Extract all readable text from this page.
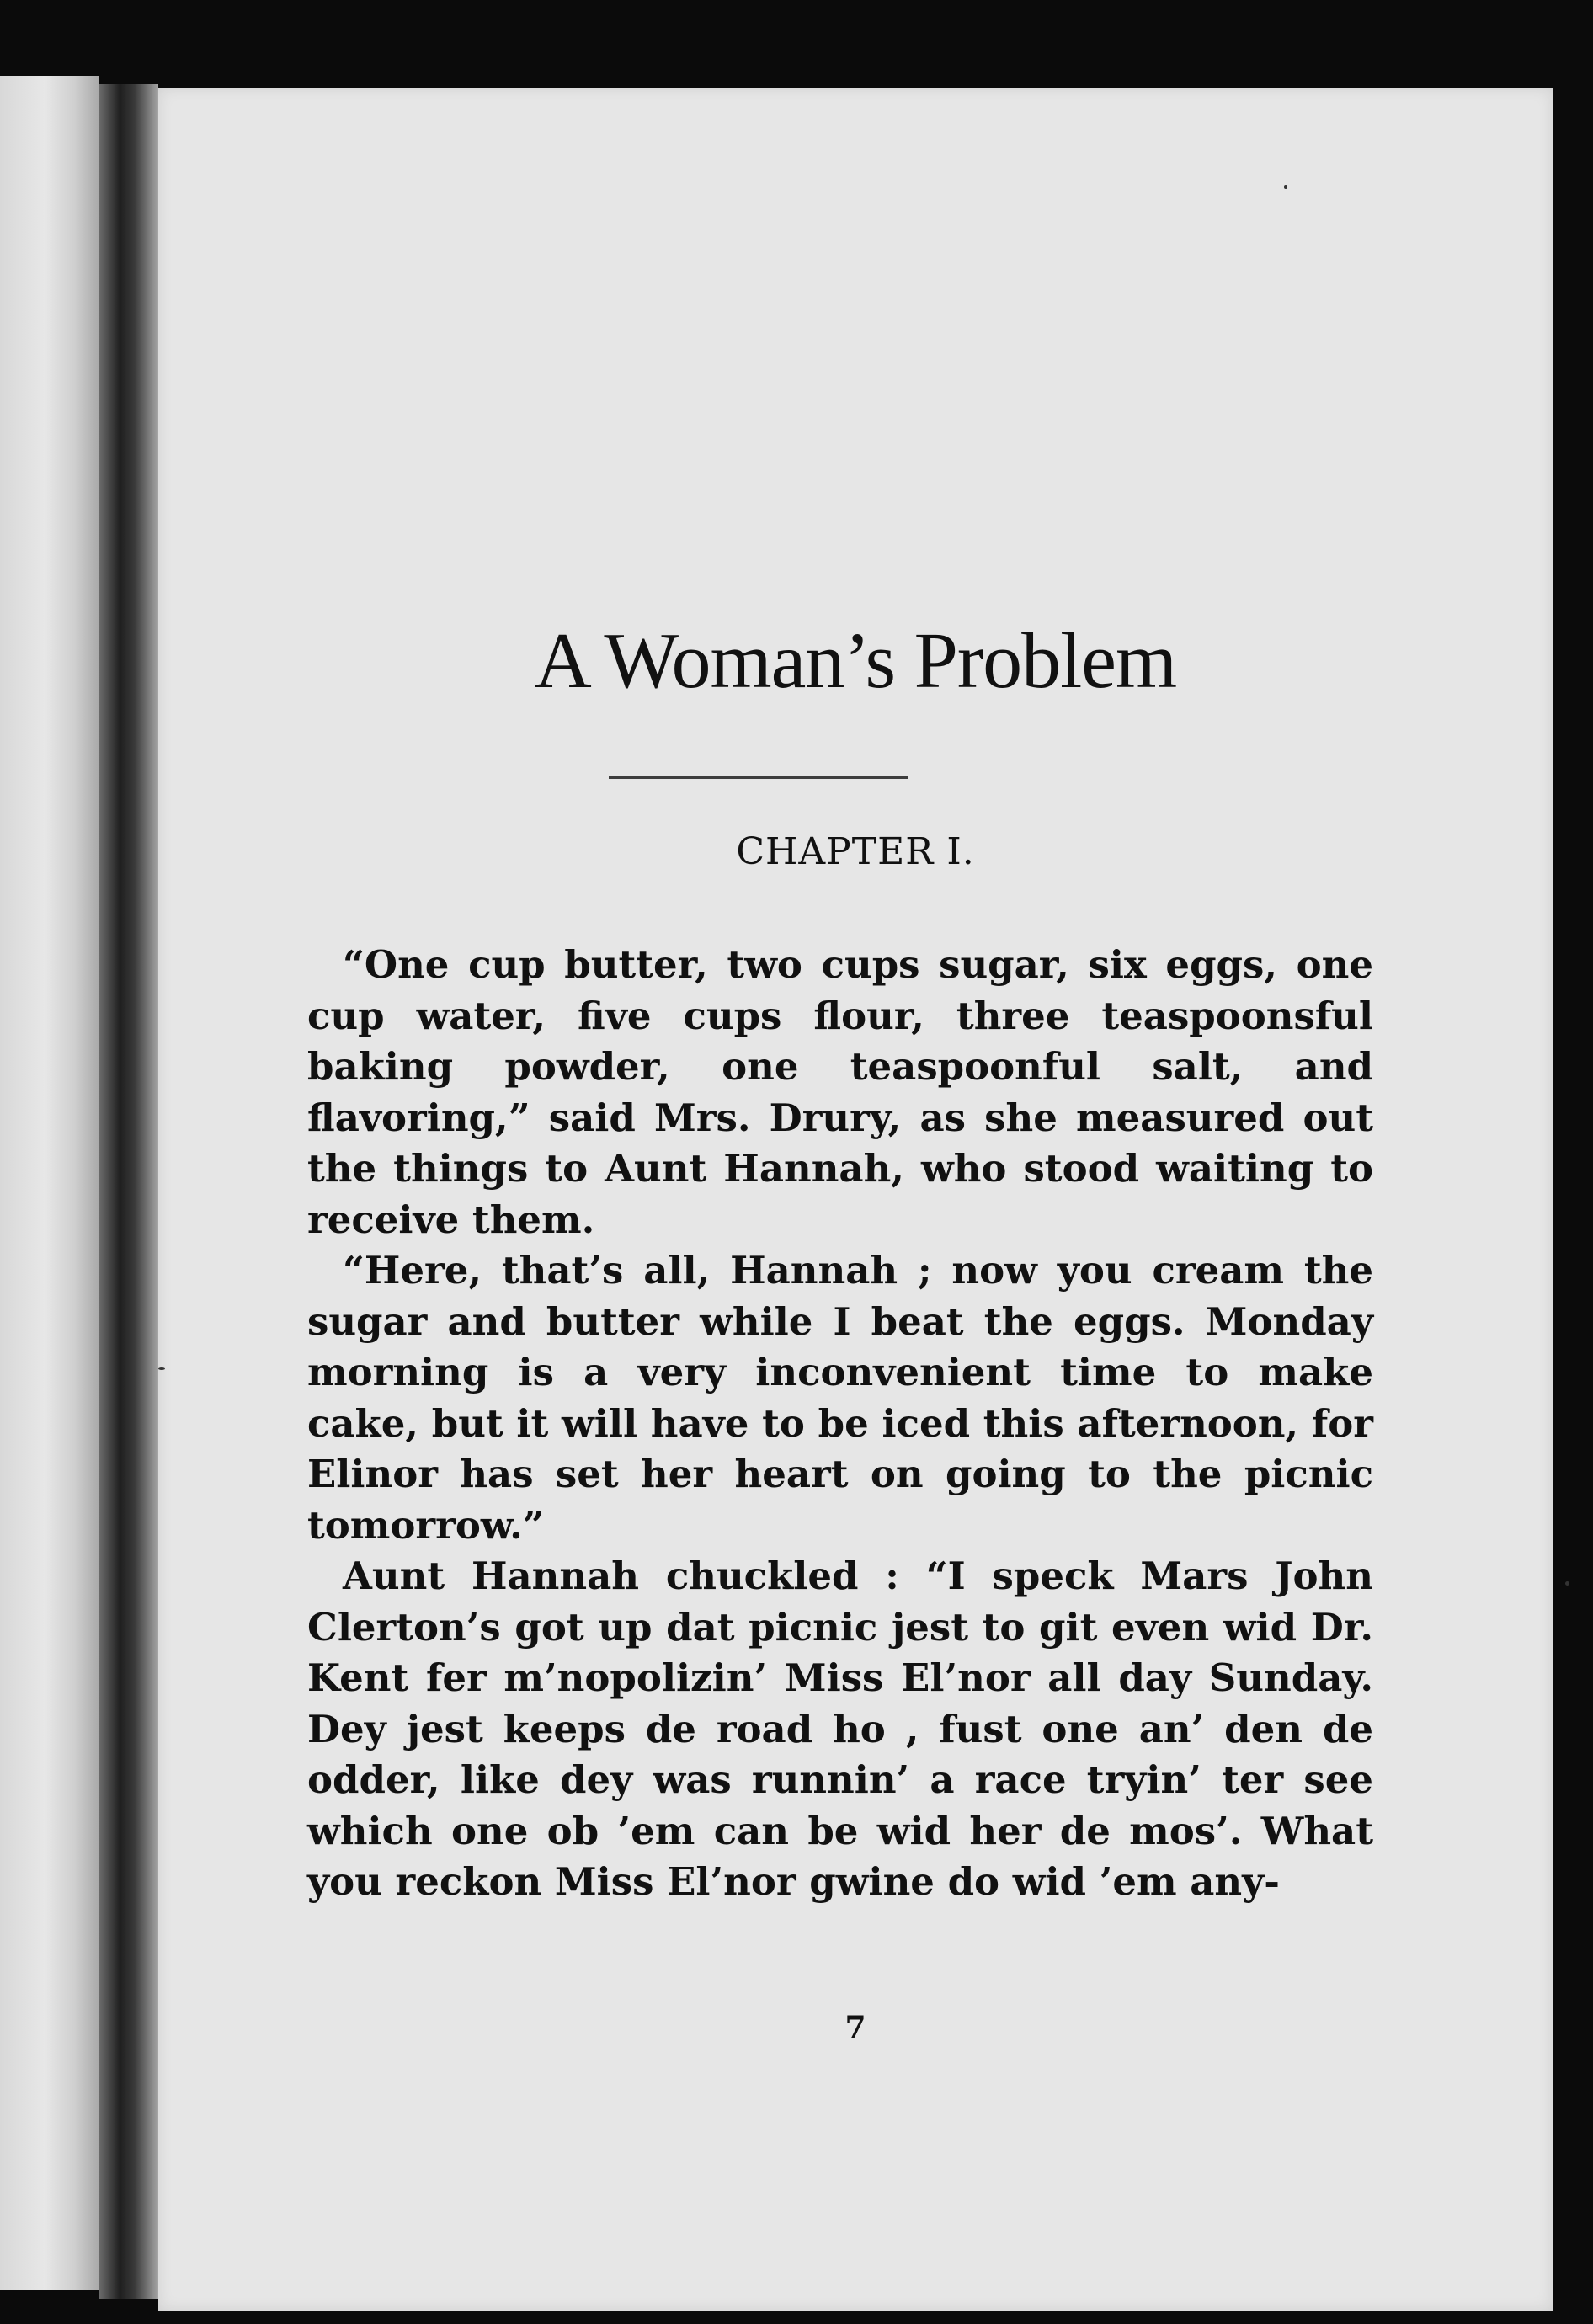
A Woman’s Problem
CHAPTER I.

“One cup butter, two cups sugar, six eggs, one cup water, five cups flour, three teaspoonsful baking powder, one teaspoonful salt, and flavoring,” said Mrs. Drury, as she measured out the things to Aunt Hannah, who stood waiting to receive them.

“Here, that’s all, Hannah ; now you cream the sugar and butter while I beat the eggs. Monday morning is a very inconvenient time to make cake, but it will have to be iced this afternoon, for Elinor has set her heart on going to the picnic tomorrow.”

Aunt Hannah chuckled : “I speck Mars John Clerton’s got up dat picnic jest to git even wid Dr. Kent fer m’nopolizin’ Miss El’nor all day Sunday. Dey jest keeps de road ho , fust one an’ den de odder, like dey was runnin’ a race tryin’ ter see which one ob ’em can be wid her de mos’. What you reckon Miss El’nor gwine do wid ’em any-

7
